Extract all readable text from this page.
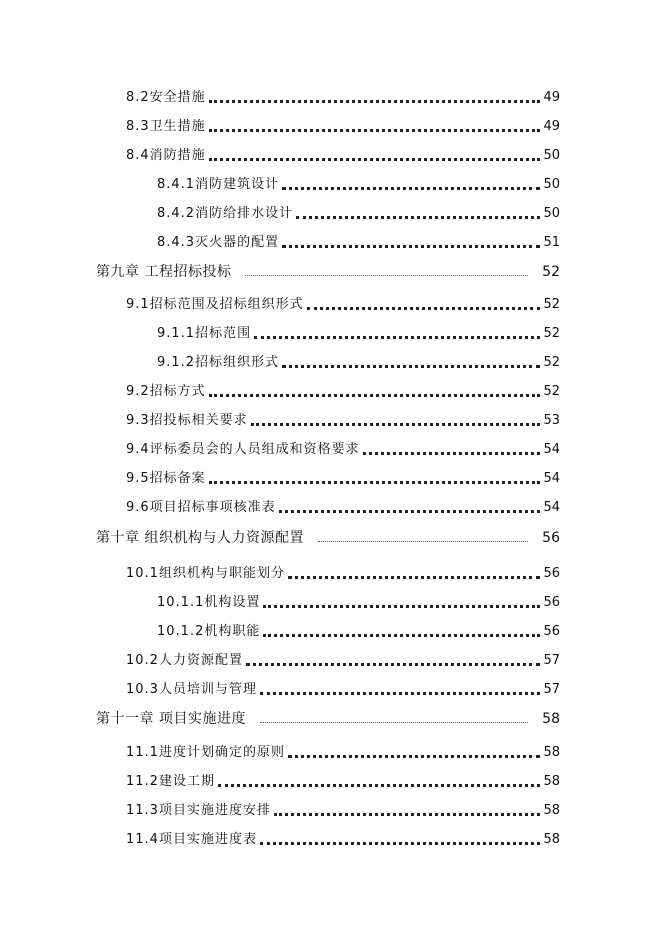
8.2安全措施	49
8.3卫生措施	49
8.4消防措施	50
8.4.1消防建筑设计	50
8.4.2消防给排水设计	50
8.4.3灭火器的配置	51
第九章 工程招标投标	52
9.1招标范围及招标组织形式	52
9.1.1招标范围	52
9.1.2招标组织形式	52
9.2招标方式	52
9.3招投标相关要求	53
9.4评标委员会的人员组成和资格要求	54
9.5招标备案	54
9.6项目招标事项核准表	54
第十章 组织机构与人力资源配置	56
10.1组织机构与职能划分	56
10.1.1机构设置	56
10.1.2机构职能	56
10.2人力资源配置	57
10.3人员培训与管理	57
第十一章 项目实施进度	58
11.1进度计划确定的原则	58
11.2建设工期	58
11.3项目实施进度安排	58
11.4项目实施进度表	58
